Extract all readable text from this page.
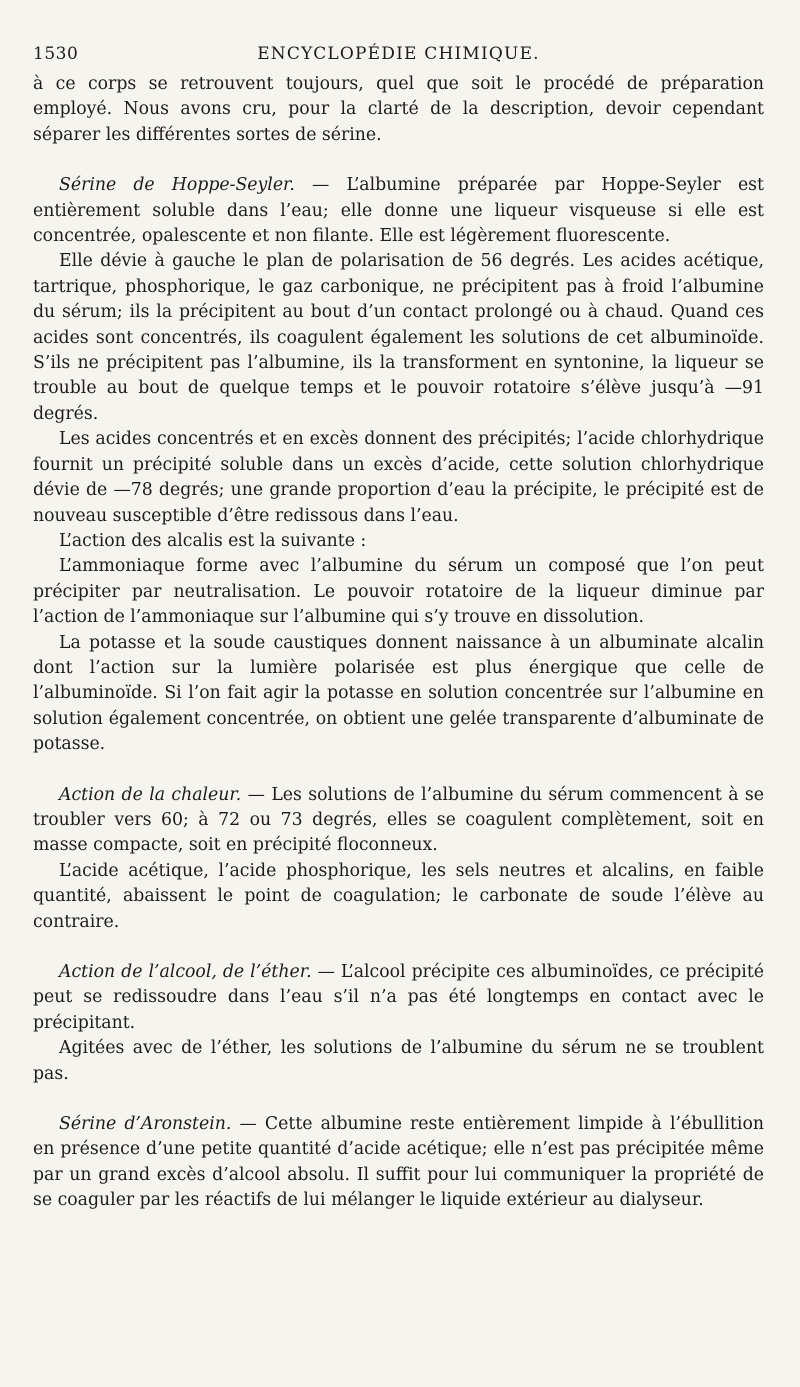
1530	ENCYCLOPÉDIE CHIMIQUE.

à ce corps se retrouvent toujours, quel que soit le procédé de préparation employé. Nous avons cru, pour la clarté de la description, devoir cependant séparer les différentes sortes de sérine.

Sérine de Hoppe-Seyler. — L’albumine préparée par Hoppe-Seyler est entièrement soluble dans l’eau; elle donne une liqueur visqueuse si elle est concentrée, opalescente et non filante. Elle est légèrement fluorescente.

Elle dévie à gauche le plan de polarisation de 56 degrés. Les acides acétique, tartrique, phosphorique, le gaz carbonique, ne précipitent pas à froid l’albumine du sérum; ils la précipitent au bout d’un contact prolongé ou à chaud. Quand ces acides sont concentrés, ils coagulent également les solutions de cet albuminoïde. S’ils ne précipitent pas l’albumine, ils la transforment en syntonine, la liqueur se trouble au bout de quelque temps et le pouvoir rotatoire s’élève jusqu’à —91 degrés.

Les acides concentrés et en excès donnent des précipités; l’acide chlorhydrique fournit un précipité soluble dans un excès d’acide, cette solution chlorhydrique dévie de —78 degrés; une grande proportion d’eau la précipite, le précipité est de nouveau susceptible d’être redissous dans l’eau.

L’action des alcalis est la suivante :

L’ammoniaque forme avec l’albumine du sérum un composé que l’on peut précipiter par neutralisation. Le pouvoir rotatoire de la liqueur diminue par l’action de l’ammoniaque sur l’albumine qui s’y trouve en dissolution.

La potasse et la soude caustiques donnent naissance à un albuminate alcalin dont l’action sur la lumière polarisée est plus énergique que celle de l’albuminoïde. Si l’on fait agir la potasse en solution concentrée sur l’albumine en solution également concentrée, on obtient une gelée transparente d’albuminate de potasse.

Action de la chaleur. — Les solutions de l’albumine du sérum commencent à se troubler vers 60; à 72 ou 73 degrés, elles se coagulent complètement, soit en masse compacte, soit en précipité floconneux.

L’acide acétique, l’acide phosphorique, les sels neutres et alcalins, en faible quantité, abaissent le point de coagulation; le carbonate de soude l’élève au contraire.

Action de l’alcool, de l’éther. — L’alcool précipite ces albuminoïdes, ce précipité peut se redissoudre dans l’eau s’il n’a pas été longtemps en contact avec le précipitant.

Agitées avec de l’éther, les solutions de l’albumine du sérum ne se troublent pas.

Sérine d’Aronstein. — Cette albumine reste entièrement limpide à l’ébullition en présence d’une petite quantité d’acide acétique; elle n’est pas précipitée même par un grand excès d’alcool absolu. Il suffit pour lui communiquer la propriété de se coaguler par les réactifs de lui mélanger le liquide extérieur au dialyseur.
